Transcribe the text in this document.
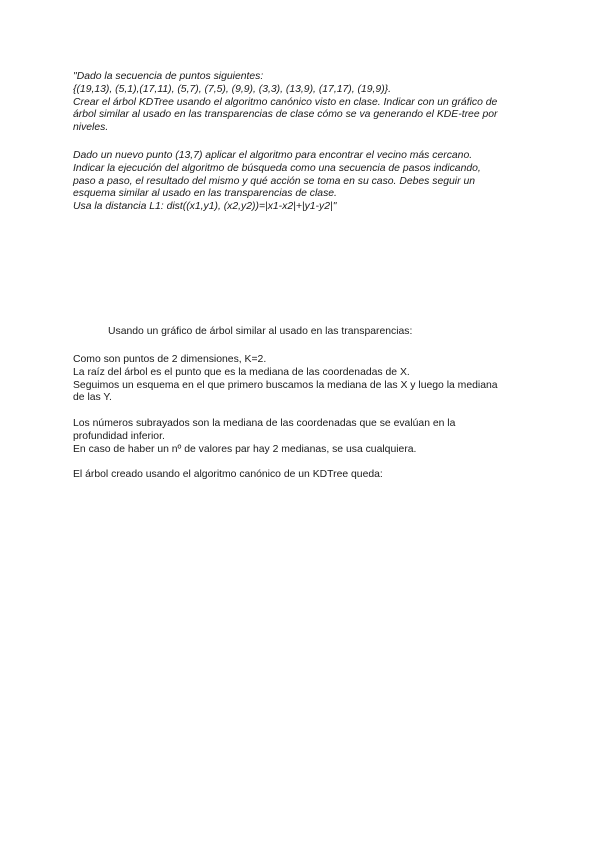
"Dado la secuencia de puntos siguientes:
{(19,13), (5,1),(17,11), (5,7), (7,5), (9,9), (3,3), (13,9), (17,17), (19,9)}.
Crear el árbol KDTree usando el algoritmo canónico visto en clase. Indicar con un gráfico de
árbol similar al usado en las transparencias de clase cómo se va generando el KDE-tree por
niveles.
Dado un nuevo punto (13,7) aplicar el algoritmo para encontrar el vecino más cercano.
Indicar la ejecución del algoritmo de búsqueda como una secuencia de pasos indicando,
paso a paso, el resultado del mismo y qué acción se toma en su caso. Debes seguir un
esquema similar al usado en las transparencias de clase.
Usa la distancia L1: dist((x1,y1), (x2,y2))=|x1-x2|+|y1-y2|"
Usando un gráfico de árbol similar al usado en las transparencias:
Como son puntos de 2 dimensiones, K=2.
La raíz del árbol es el punto que es la mediana de las coordenadas de X.
Seguimos un esquema en el que primero buscamos la mediana de las X y luego la mediana
de las Y.
Los números subrayados son la mediana de las coordenadas que se evalúan en la
profundidad inferior.
En caso de haber un nº de valores par hay 2 medianas, se usa cualquiera.
El árbol creado usando el algoritmo canónico de un KDTree queda:
